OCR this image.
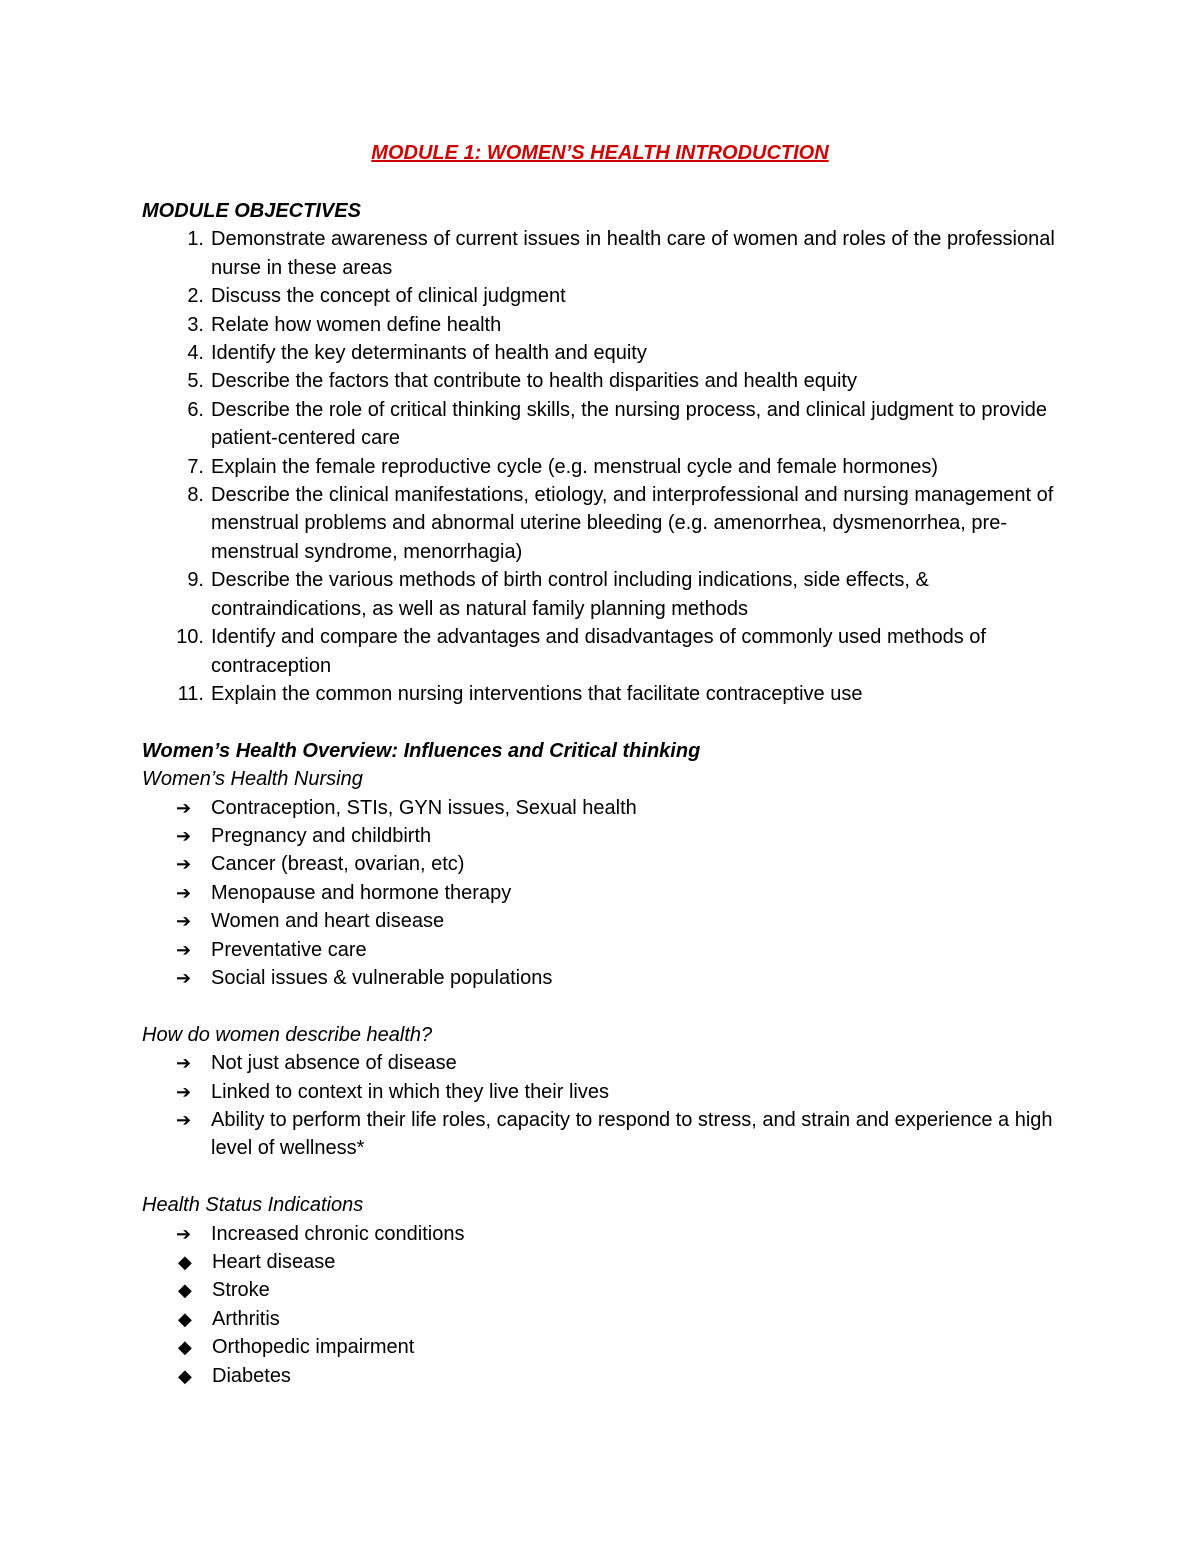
MODULE 1: WOMEN’S HEALTH INTRODUCTION

MODULE OBJECTIVES

1. Demonstrate awareness of current issues in health care of women and roles of the professional nurse in these areas
2. Discuss the concept of clinical judgment
3. Relate how women define health
4. Identify the key determinants of health and equity
5. Describe the factors that contribute to health disparities and health equity
6. Describe the role of critical thinking skills, the nursing process, and clinical judgment to provide patient-centered care
7. Explain the female reproductive cycle (e.g. menstrual cycle and female hormones)
8. Describe the clinical manifestations, etiology, and interprofessional and nursing management of menstrual problems and abnormal uterine bleeding (e.g. amenorrhea, dysmenorrhea, pre-menstrual syndrome, menorrhagia)
9. Describe the various methods of birth control including indications, side effects, & contraindications, as well as natural family planning methods
10. Identify and compare the advantages and disadvantages of commonly used methods of contraception
11. Explain the common nursing interventions that facilitate contraceptive use

Women’s Health Overview: Influences and Critical thinking

Women’s Health Nursing

➔ Contraception, STIs, GYN issues, Sexual health
➔ Pregnancy and childbirth
➔ Cancer (breast, ovarian, etc)
➔ Menopause and hormone therapy
➔ Women and heart disease
➔ Preventative care
➔ Social issues & vulnerable populations

How do women describe health?

➔ Not just absence of disease
➔ Linked to context in which they live their lives
➔ Ability to perform their life roles, capacity to respond to stress, and strain and experience a high level of wellness*

Health Status Indications

➔ Increased chronic conditions
◆	Heart disease
◆	Stroke
◆	Arthritis
◆	Orthopedic impairment
◆	Diabetes
